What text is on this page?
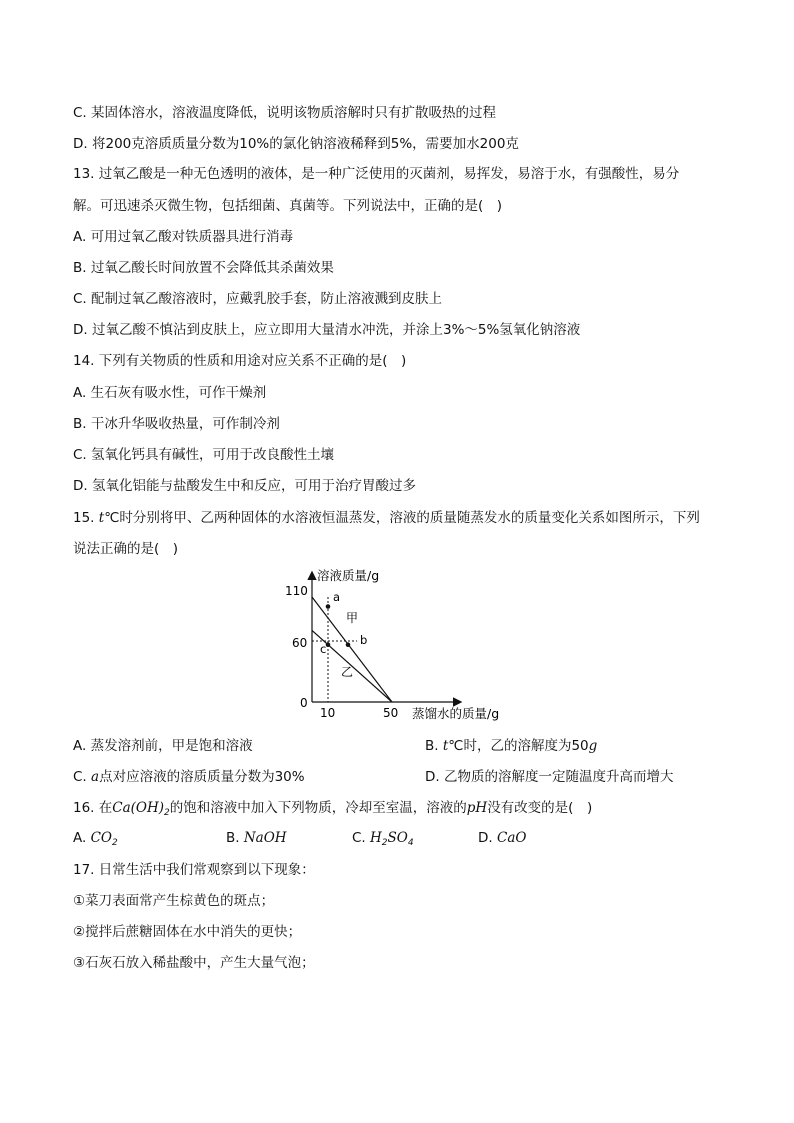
C. 某固体溶水，溶液温度降低，说明该物质溶解时只有扩散吸热的过程
D. 将200克溶质质量分数为10%的氯化钠溶液稀释到5%，需要加水200克
13. 过氧乙酸是一种无色透明的液体，是一种广泛使用的灭菌剂，易挥发，易溶于水，有强酸性，易分
解。可迅速杀灭微生物，包括细菌、真菌等。下列说法中，正确的是(　)
A. 可用过氧乙酸对铁质器具进行消毒
B. 过氧乙酸长时间放置不会降低其杀菌效果
C. 配制过氧乙酸溶液时，应戴乳胶手套，防止溶液溅到皮肤上
D. 过氧乙酸不慎沾到皮肤上，应立即用大量清水冲洗，并涂上3%～5%氢氧化钠溶液
14. 下列有关物质的性质和用途对应关系不正确的是(　)
A. 生石灰有吸水性，可作干燥剂
B. 干冰升华吸收热量，可作制冷剂
C. 氢氧化钙具有碱性，可用于改良酸性土壤
D. 氢氧化铝能与盐酸发生中和反应，可用于治疗胃酸过多
15. t℃时分别将甲、乙两种固体的水溶液恒温蒸发，溶液的质量随蒸发水的质量变化关系如图所示，下列
说法正确的是(　)
溶液质量/g
蒸馏水的质量/g
110
60
0
10	50
甲
乙
a
b
c
A. 蒸发溶剂前，甲是饱和溶液	B. t℃时，乙的溶解度为50g
C. a点对应溶液的溶质质量分数为30%	D. 乙物质的溶解度一定随温度升高而增大
16. 在$Ca(OH)_2$的饱和溶液中加入下列物质，冷却至室温，溶液的pH没有改变的是(　)
A. $CO_2$	B. NaOH	C. $H_2SO_4$	D. CaO
17. 日常生活中我们常观察到以下现象：
①菜刀表面常产生棕黄色的斑点；
②搅拌后蔗糖固体在水中消失的更快；
③石灰石放入稀盐酸中，产生大量气泡；
